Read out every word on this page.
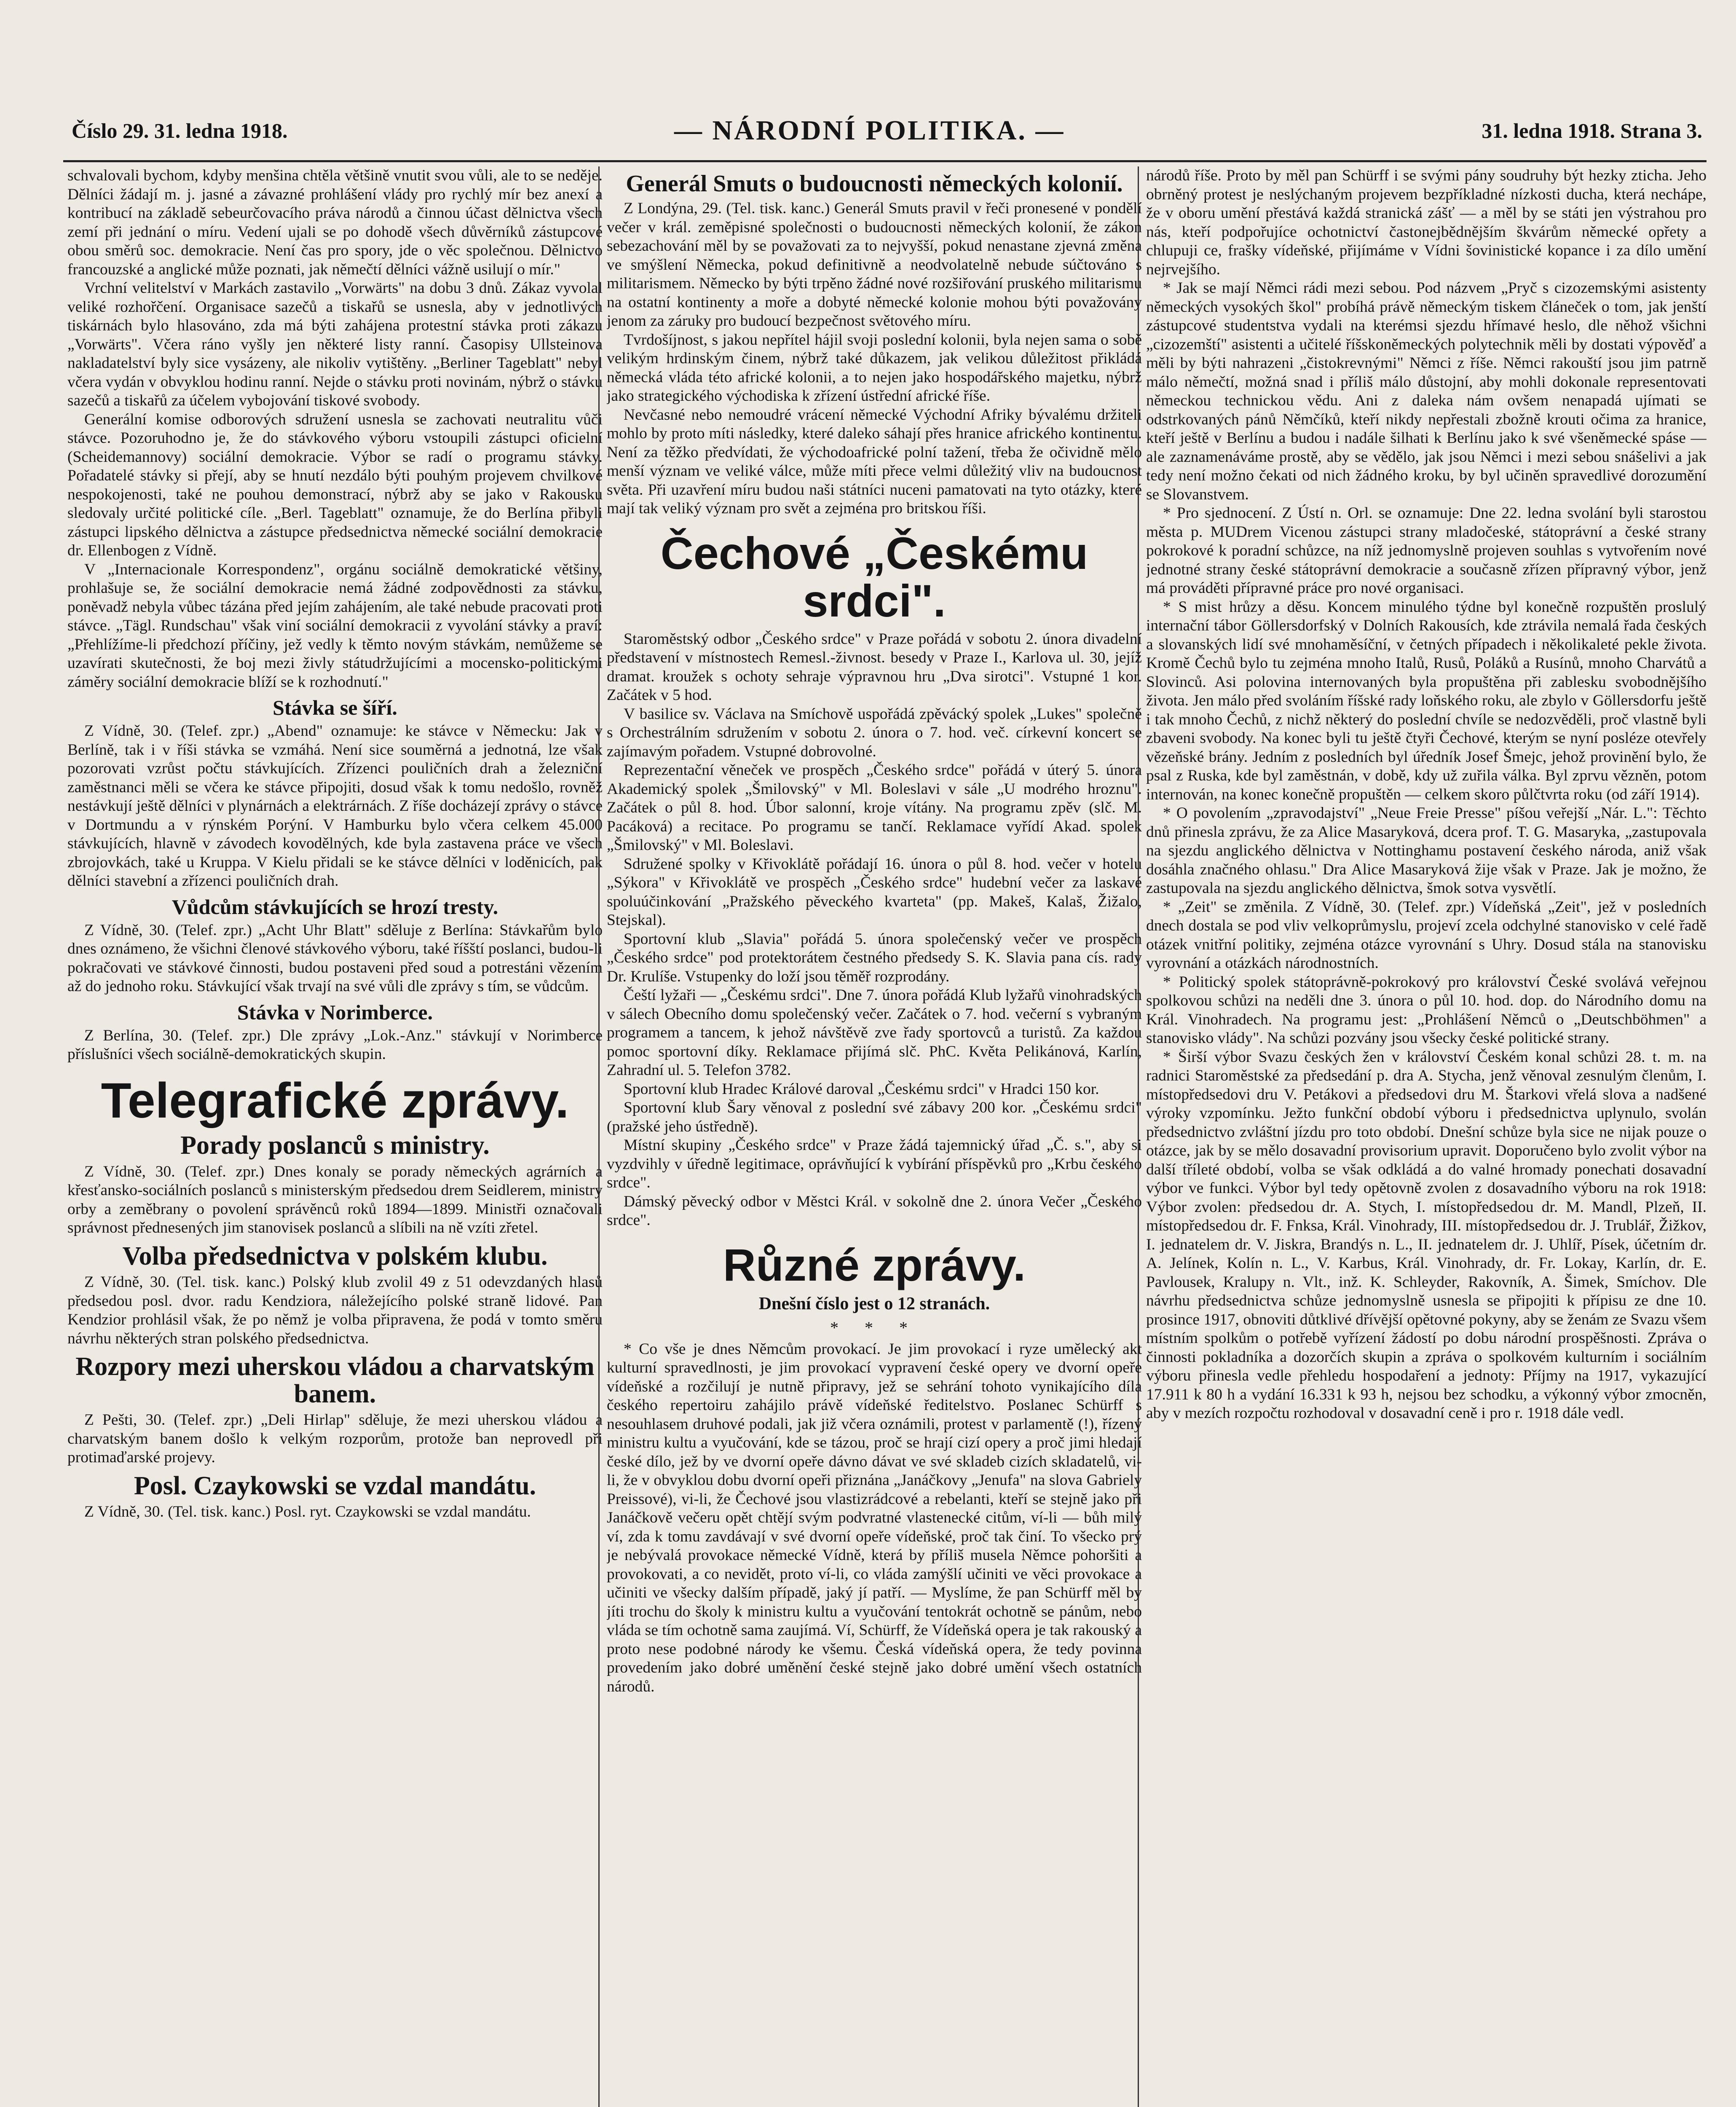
Číslo 29. 31. ledna 1918.	— NÁRODNÍ POLITIKA. —	31. ledna 1918. Strana 3.

schvalovali bychom, kdyby menšina chtěla většině vnutit svou vůli, ale to se nedějе. Dělníci žádají m. j. jasné a závazné prohlášení vlády pro rychlý mír bez anexí a kontribucí na základě sebeurčovacího práva národů a činnou účast dělnictva všech zemí při jednání o míru. Vedení ujali se po dohodě všech důvěrníků zástupcové obou směrů soc. demokracie. Není čas pro spory, jde o věc společnou. Dělnictvo francouzské a anglické může poznati, jak němečtí dělníci vážně usilují o mír."

Vrchní velitelství v Markách zastavilo „Vorwärts" na dobu 3 dnů. Zákaz vyvolal veliké rozhořčení. Organisace sazečů a tiskařů se usnesla, aby v jednotlivých tiskárnách bylo hlasováno, zda má býti zahájena protestní stávka proti zákazu „Vorwärts". Včera ráno vyšly jen některé listy ranní. Časopisy Ullsteinova nakladatelství byly sice vysázeny, ale nikoliv vytištěny. „Berliner Tageblatt" nebyl včera vydán v obvyklou hodinu ranní. Nejde o stávku proti novinám, nýbrž o stávku sazečů a tiskařů za účelem vybojování tiskové svobody.

Generální komise odborových sdružení usnesla se zachovati neutralitu vůči stávce. Pozoruhodno je, že do stávkového výboru vstoupili zástupci oficielní (Scheidemannovy) sociální demokracie. Výbor se radí o programu stávky. Pořadatelé stávky si přejí, aby se hnutí nezdálo býti pouhým projevem chvilkové nespokojenosti, také ne pouhou demonstrací, nýbrž aby se jako v Rakousku sledovaly určité politické cíle. „Berl. Tageblatt" oznamuje, že do Berlína přibyli zástupci lipského dělnictva a zástupce předsednictva německé sociální demokracie dr. Ellenbogen z Vídně.

V „Internacionale Korrespondenz", orgánu sociálně demokratické většiny, prohlašuje se, že sociální demokracie nemá žádné zodpovědnosti za stávku, poněvadž nebyla vůbec tázána před jejím zahájením, ale také nebude pracovati proti stávce. „Tägl. Rundschau" však viní sociální demokracii z vyvolání stávky a praví: „Přehlížíme-li předchozí příčiny, jež vedly k těmto novým stávkám, nemůžeme se uzavírati skutečnosti, že boj mezi živly státudržujícími a mocensko-politickými záměry sociální demokracie blíží se k rozhodnutí."

Stávka se šíří.

Z Vídně, 30. (Telef. zpr.) „Abend" oznamuje: ke stávce v Německu: Jak v Berlíně, tak i v říši stávka se vzmáhá. Není sice souměrná a jednotná, lze však pozorovati vzrůst počtu stávkujících. Zřízenci pouličních drah a železniční zaměstnanci měli se včera ke stávce připojiti, dosud však k tomu nedošlo, rovněž nestávkují ještě dělníci v plynárnách a elektrárnách. Z říše docházejí zprávy o stávce v Dortmundu a v rýnském Porýní. V Hamburku bylo včera celkem 45.000 stávkujících, hlavně v závodech kovodělných, kde byla zastavena práce ve všech zbrojovkách, také u Kruppa. V Kielu přidali se ke stávce dělníci v loděnicích, pak dělníci stavební a zřízenci pouličních drah.

Vůdcům stávkujících se hrozí tresty.

Z Vídně, 30. (Telef. zpr.) „Acht Uhr Blatt" sděluje z Berlína: Stávkařům bylo dnes oznámeno, že všichni členové stávkového výboru, také říšští poslanci, budou-li pokračovati ve stávkové činnosti, budou postaveni před soud a potrestáni vězením až do jednoho roku. Stávkující však trvají na své vůli dle zprávy s tím, se vůdcům.

Stávka v Norimberce.

Z Berlína, 30. (Telef. zpr.) Dle zprávy „Lok.-Anz." stávkují v Norimberce příslušníci všech sociálně-demokratických skupin.

Telegrafické zprávy.
Porady poslanců s ministry.

Z Vídně, 30. (Telef. zpr.) Dnes konaly se porady německých agrárních a křesťansko-sociálních poslanců s ministerským předsedou drem Seidlerem, ministry orby a zeměbrany o povolení správěnců roků 1894—1899. Ministři označovali správnost přednesených jim stanovisek poslanců a slíbili na ně vzíti zřetel.

Volba předsednictva v polském klubu.

Z Vídně, 30. (Tel. tisk. kanc.) Polský klub zvolil 49 z 51 odevzdaných hlasů předsedou posl. dvor. radu Kendziora, náležejícího polské straně lidové. Pan Kendzior prohlásil však, že po němž je volba připravena, že podá v tomto směru návrhu některých stran polského předsednictva.

Rozpory mezi uherskou vládou a charvatským banem.

Z Pešti, 30. (Telef. zpr.) „Deli Hirlap" sděluje, že mezi uherskou vládou a charvatským banem došlo k velkým rozporům, protože ban neprovedl při protimaďarské projevy.

Posl. Czaykowski se vzdal mandátu.

Z Vídně, 30. (Tel. tisk. kanc.) Posl. ryt. Czaykowski se vzdal mandátu.

Generál Smuts o budoucnosti německých kolonií.

Z Londýna, 29. (Tel. tisk. kanc.) Generál Smuts pravil v řeči pronesené v pondělí večer v král. zeměpisné společnosti o budoucnosti německých kolonií, že zákon sebezachování měl by se považovati za to nejvyšší, pokud nenastane zjevná změna ve smýšlení Německa, pokud definitivně a neodvolatelně nebude súčtováno s militarismem. Německo by býti trpěno žádné nové rozšiřování pruského militarismu na ostatní kontinenty a moře a dobyté německé kolonie mohou býti považovány jenom za záruky pro budoucí bezpečnost světového míru.

Tvrdošíjnost, s jakou nepřítel hájil svoji poslední kolonii, byla nejen sama o sobě velikým hrdinským činem, nýbrž také důkazem, jak velikou důležitost přikládá německá vláda této africké kolonii, a to nejen jako hospodářského majetku, nýbrž jako strategického východiska k zřízení ústřední africké říše.

Nevčasné nebo nemoudré vrácení německé Východní Afriky bývalému držiteli mohlo by proto míti následky, které daleko sáhají přes hranice afrického kontinentu. Není za těžko předvídati, že východoafrické polní tažení, třeba že očividně mělo menší význam ve veliké válce, může míti přece velmi důležitý vliv na budoucnost světa. Při uzavření míru budou naši státníci nuceni pamatovati na tyto otázky, které mají tak veliký význam pro svět a zejména pro britskou říši.

Čechové „Českému srdci".

Staroměstský odbor „Českého srdce" v Praze pořádá v sobotu 2. února divadelní představení v místnostech Remesl.-živnost. besedy v Praze I., Karlova ul. 30, jejíž dramat. kroužek s ochoty sehraje výpravnou hru „Dva sirotci". Vstupné 1 kor. Začátek v 5 hod.

V basilice sv. Václava na Smíchově uspořádá zpěvácký spolek „Lukes" společně s Orchestrálním sdružením v sobotu 2. února o 7. hod. več. církevní koncert se zajímavým pořadem. Vstupné dobrovolné.

Reprezentační věneček ve prospěch „Českého srdce" pořádá v úterý 5. února Akademický spolek „Šmilovský" v Ml. Boleslavi v sále „U modrého hroznu". Začátek o půl 8. hod. Úbor salonní, kroje vítány. Na programu zpěv (slč. M. Pacáková) a recitace. Po programu se tančí. Reklamace vyřídí Akad. spolek „Šmilovský" v Ml. Boleslavi.

Sdružené spolky v Křivoklátě pořádají 16. února o půl 8. hod. večer v hotelu „Sýkora" v Křivoklátě ve prospěch „Českého srdce" hudební večer za laskavé spoluúčinkování „Pražského pěveckého kvarteta" (pp. Makeš, Kalaš, Žižalo, Stejskal).

Sportovní klub „Slavia" pořádá 5. února společenský večer ve prospěch „Českého srdce" pod protektorátem čestného předsedy S. K. Slavia pana cís. rady Dr. Krulíše. Vstupenky do loží jsou těměř rozprodány.

Čeští lyžaři — „Českému srdci". Dne 7. února pořádá Klub lyžařů vinohradských v sálech Obecního domu společenský večer. Začátek o 7. hod. večerní s vybraným programem a tancem, k jehož návštěvě zve řady sportovců a turistů. Za každou pomoc sportovní díky. Reklamace přijímá slč. PhC. Květa Pelikánová, Karlín, Zahradní ul. 5. Telefon 3782.

Sportovní klub Hradec Králové daroval „Českému srdci" v Hradci 150 kor.

Sportovní klub Šary věnoval z poslední své zábavy 200 kor. „Českému srdci" (pražské jeho ústředně).

Místní skupiny „Českého srdce" v Praze žádá tajemnický úřad „Č. s.", aby si vyzdvihly v úředně legitimace, oprávňující k vybírání příspěvků pro „Krbu českého srdce".

Dámský pěvecký odbor v Městci Král. v sokolně dne 2. února Večer „Českého srdce".

Různé zprávy.
Dnešní číslo jest o 12 stranách.
* * *

* Co vše je dnes Němcům provokací. Je jim provokací i ryze umělecký akt kulturní spravedlnosti, je jim provokací vypravení české opery ve dvorní opeře vídeňské a rozčilují je nutně připravy, jež se sehrání tohoto vynikajícího díla českého repertoiru zahájilo právě vídeňské ředitelstvo. Poslanec Schürff s nesouhlasem druhové podali, jak již včera oznámili, protest v parlamentě (!), řízený ministru kultu a vyučování, kde se tázou, proč se hrají cizí opery a proč jimi hledají české dílo, jež by ve dvorní opeře dávno dávat ve své skladeb cizích skladatelů, vi-li, že v obvyklou dobu dvorní opeři přiznána „Janáčkovy „Jenufa" na slova Gabriely Preissové), vi-li, že Čechové jsou vlastizrádcové a rebelanti, kteří se stejně jako při Janáčkově večeru opět chtějí svým podvratné vlastenecké citům, ví-li — bůh milý ví, zda k tomu zavdávají v své dvorní opeře vídeňské, proč tak činí. To všecko prý je nebývalá provokace německé Vídně, která by příliš musela Němce pohoršiti a provokovati, a co nevidět, proto ví-li, co vláda zamýšlí učiniti ve věci provokace a učiniti ve všecky dalším případě, jaký jí patří. — Myslíme, že pan Schürff měl by jíti trochu do školy k ministru kultu a vyučování tentokrát ochotně se pánům, nebo vláda se tím ochotně sama zaujímá. Ví, Schürff, že Vídeňská opera je tak rakouský a proto nese podobné národy ke všemu. Česká vídeňská opera, že tedy povinna provedením jako dobré uměnění české stejně jako dobré umění všech ostatních národů.

národů říše. Proto by měl pan Schürff i se svými pány soudruhy být hezky zticha. Jeho obrněný protest je neslýchaným projevem bezpříkladné nízkosti ducha, která nechápe, že v oboru umění přestává každá stranická zášť — a měl by se státi jen výstrahou pro nás, kteří podpořujíce ochotnictví častonejbědnějším škvárům německé opřety a chlupuji ce, frašky vídeňské, přijímáme v Vídni šovinistické kopance i za dílo umění nejrvejšího.

* Jak se mají Němci rádi mezi sebou. Pod názvem „Pryč s cizozemskými asistenty německých vysokých škol" probíhá právě německým tiskem článeček o tom, jak jenští zástupcové studentstva vydali na kterémsi sjezdu hřímavé heslo, dle něhož všichni „cizozemští" asistenti a učitelé říšskoněmeckých polytechnik měli by dostati výpověď a měli by býti nahrazeni „čistokrevnými" Němci z říše. Němci rakouští jsou jim patrně málo němečtí, možná snad i příliš málo důstojní, aby mohli dokonale representovati německou technickou vědu. Ani z daleka nám ovšem nenapadá ujímati se odstrkovaných pánů Němčíků, kteří nikdy nepřestali zbožně krouti očima za hranice, kteří ještě v Berlínu a budou i nadále šilhati k Berlínu jako k své všeněmecké spáse — ale zaznamenáváme prostě, aby se vědělo, jak jsou Němci i mezi sebou snášelivi a jak tedy není možno čekati od nich žádného kroku, by byl učiněn spravedlivé dorozumění se Slovanstvem.

* Pro sjednocení. Z Ústí n. Orl. se oznamuje: Dne 22. ledna svolání byli starostou města p. MUDrem Vicenou zástupci strany mladočeské, státoprávní a české strany pokrokové k poradní schůzce, na níž jednomyslně projeven souhlas s vytvořením nové jednotné strany české státoprávní demokracie a současně zřízen přípravný výbor, jenž má prováděti přípravné práce pro nové organisaci.

* S mist hrůzy a děsu. Koncem minulého týdne byl konečně rozpuštěn proslulý internační tábor Göllersdorfský v Dolních Rakousích, kde ztrávila nemalá řada českých a slovanských lidí své mnohaměsíční, v četných případech i několikaleté pekle života. Kromě Čechů bylo tu zejména mnoho Italů, Rusů, Poláků a Rusínů, mnoho Charvátů a Slovinců. Asi polovina internovaných byla propuštěna při zablesku svobodnějšího života. Jen málo před svoláním říšské rady loňského roku, ale zbylo v Göllersdorfu ještě i tak mnoho Čechů, z nichž některý do poslední chvíle se nedozvěděli, proč vlastně byli zbaveni svobody. Na konec byli tu ještě čtyři Čechové, kterým se nyní posléze otevřely vězeňské brány. Jedním z posledních byl úředník Josef Šmejc, jehož provinění bylo, že psal z Ruska, kde byl zaměstnán, v době, kdy už zuřila válka. Byl zprvu vězněn, potom internován, na konec konečně propuštěn — celkem skoro půlčtvrta roku (od září 1914).

* O povolením „zpravodajství" „Neue Freie Presse" píšou veřejší „Nár. L.": Těchto dnů přinesla zprávu, že za Alice Masaryková, dcera prof. T. G. Masaryka, „zastupovala na sjezdu anglického dělnictva v Nottinghamu postavení českého národa, aniž však dosáhla značného ohlasu." Dra Alice Masaryková žije však v Praze. Jak je možno, že zastupovala na sjezdu anglického dělnictva, šmok sotva vysvětlí.

* „Zeit" se změnila. Z Vídně, 30. (Telef. zpr.) Vídeňská „Zeit", jež v posledních dnech dostala se pod vliv velkoprůmyslu, projeví zcela odchylné stanovisko v celé řadě otázek vnitřní politiky, zejména otázce vyrovnání s Uhry. Dosud stála na stanovisku vyrovnání a otázkách národnostních.

* Politický spolek státoprávně-pokrokový pro království České svolává veřejnou spolkovou schůzi na neděli dne 3. února o půl 10. hod. dop. do Národního domu na Král. Vinohradech. Na programu jest: „Prohlášení Němců o „Deutschböhmen" a stanovisko vlády". Na schůzi pozvány jsou všecky české politické strany.

* Širší výbor Svazu českých žen v království Českém konal schůzi 28. t. m. na radnici Staroměstské za předsedání p. dra A. Stycha, jenž věnoval zesnulým členům, I. místopředsedovi dru V. Petákovi a předsedovi dru M. Štarkovi vřelá slova a nadšené výroky vzpomínku. Ježto funkční období výboru i předsednictva uplynulo, svolán předsednictvo zvláštní jízdu pro toto období. Dnešní schůze byla sice ne nijak pouze o otázce, jak by se mělo dosavadní provisorium upravit. Doporučeno bylo zvolit výbor na další tříleté období, volba se však odkládá a do valné hromady ponechati dosavadní výbor ve funkci. Výbor byl tedy opětovně zvolen z dosavadního výboru na rok 1918: Výbor zvolen: předsedou dr. A. Stych, I. místopředsedou dr. M. Mandl, Plzeň, II. místopředsedou dr. F. Fnksa, Král. Vinohrady, III. místopředsedou dr. J. Trublář, Žižkov, I. jednatelem dr. V. Jiskra, Brandýs n. L., II. jednatelem dr. J. Uhlíř, Písek, účetním dr. A. Jelínek, Kolín n. L., V. Karbus, Král. Vinohrady, dr. Fr. Lokay, Karlín, dr. E. Pavlousek, Kralupy n. Vlt., inž. K. Schleyder, Rakovník, A. Šimek, Smíchov. Dle návrhu předsednictva schůze jednomyslně usnesla se připojiti k přípisu ze dne 10. prosince 1917, obnoviti důtklivé dřívější opětovné pokyny, aby se ženám ze Svazu všem místním spolkům o potřebě vyřízení žádostí po dobu národní prospěšnosti. Zpráva o činnosti pokladníka a dozorčích skupin a zpráva o spolkovém kulturním i sociálním výboru přinesla vedle přehledu hospodaření a jednoty: Příjmy na 1917, vykazující 17.911 k 80 h a vydání 16.331 k 93 h, nejsou bez schodku, a výkonný výbor zmocněn, aby v mezích rozpočtu rozhodoval v dosavadní ceně i pro r. 1918 dále vedl.
